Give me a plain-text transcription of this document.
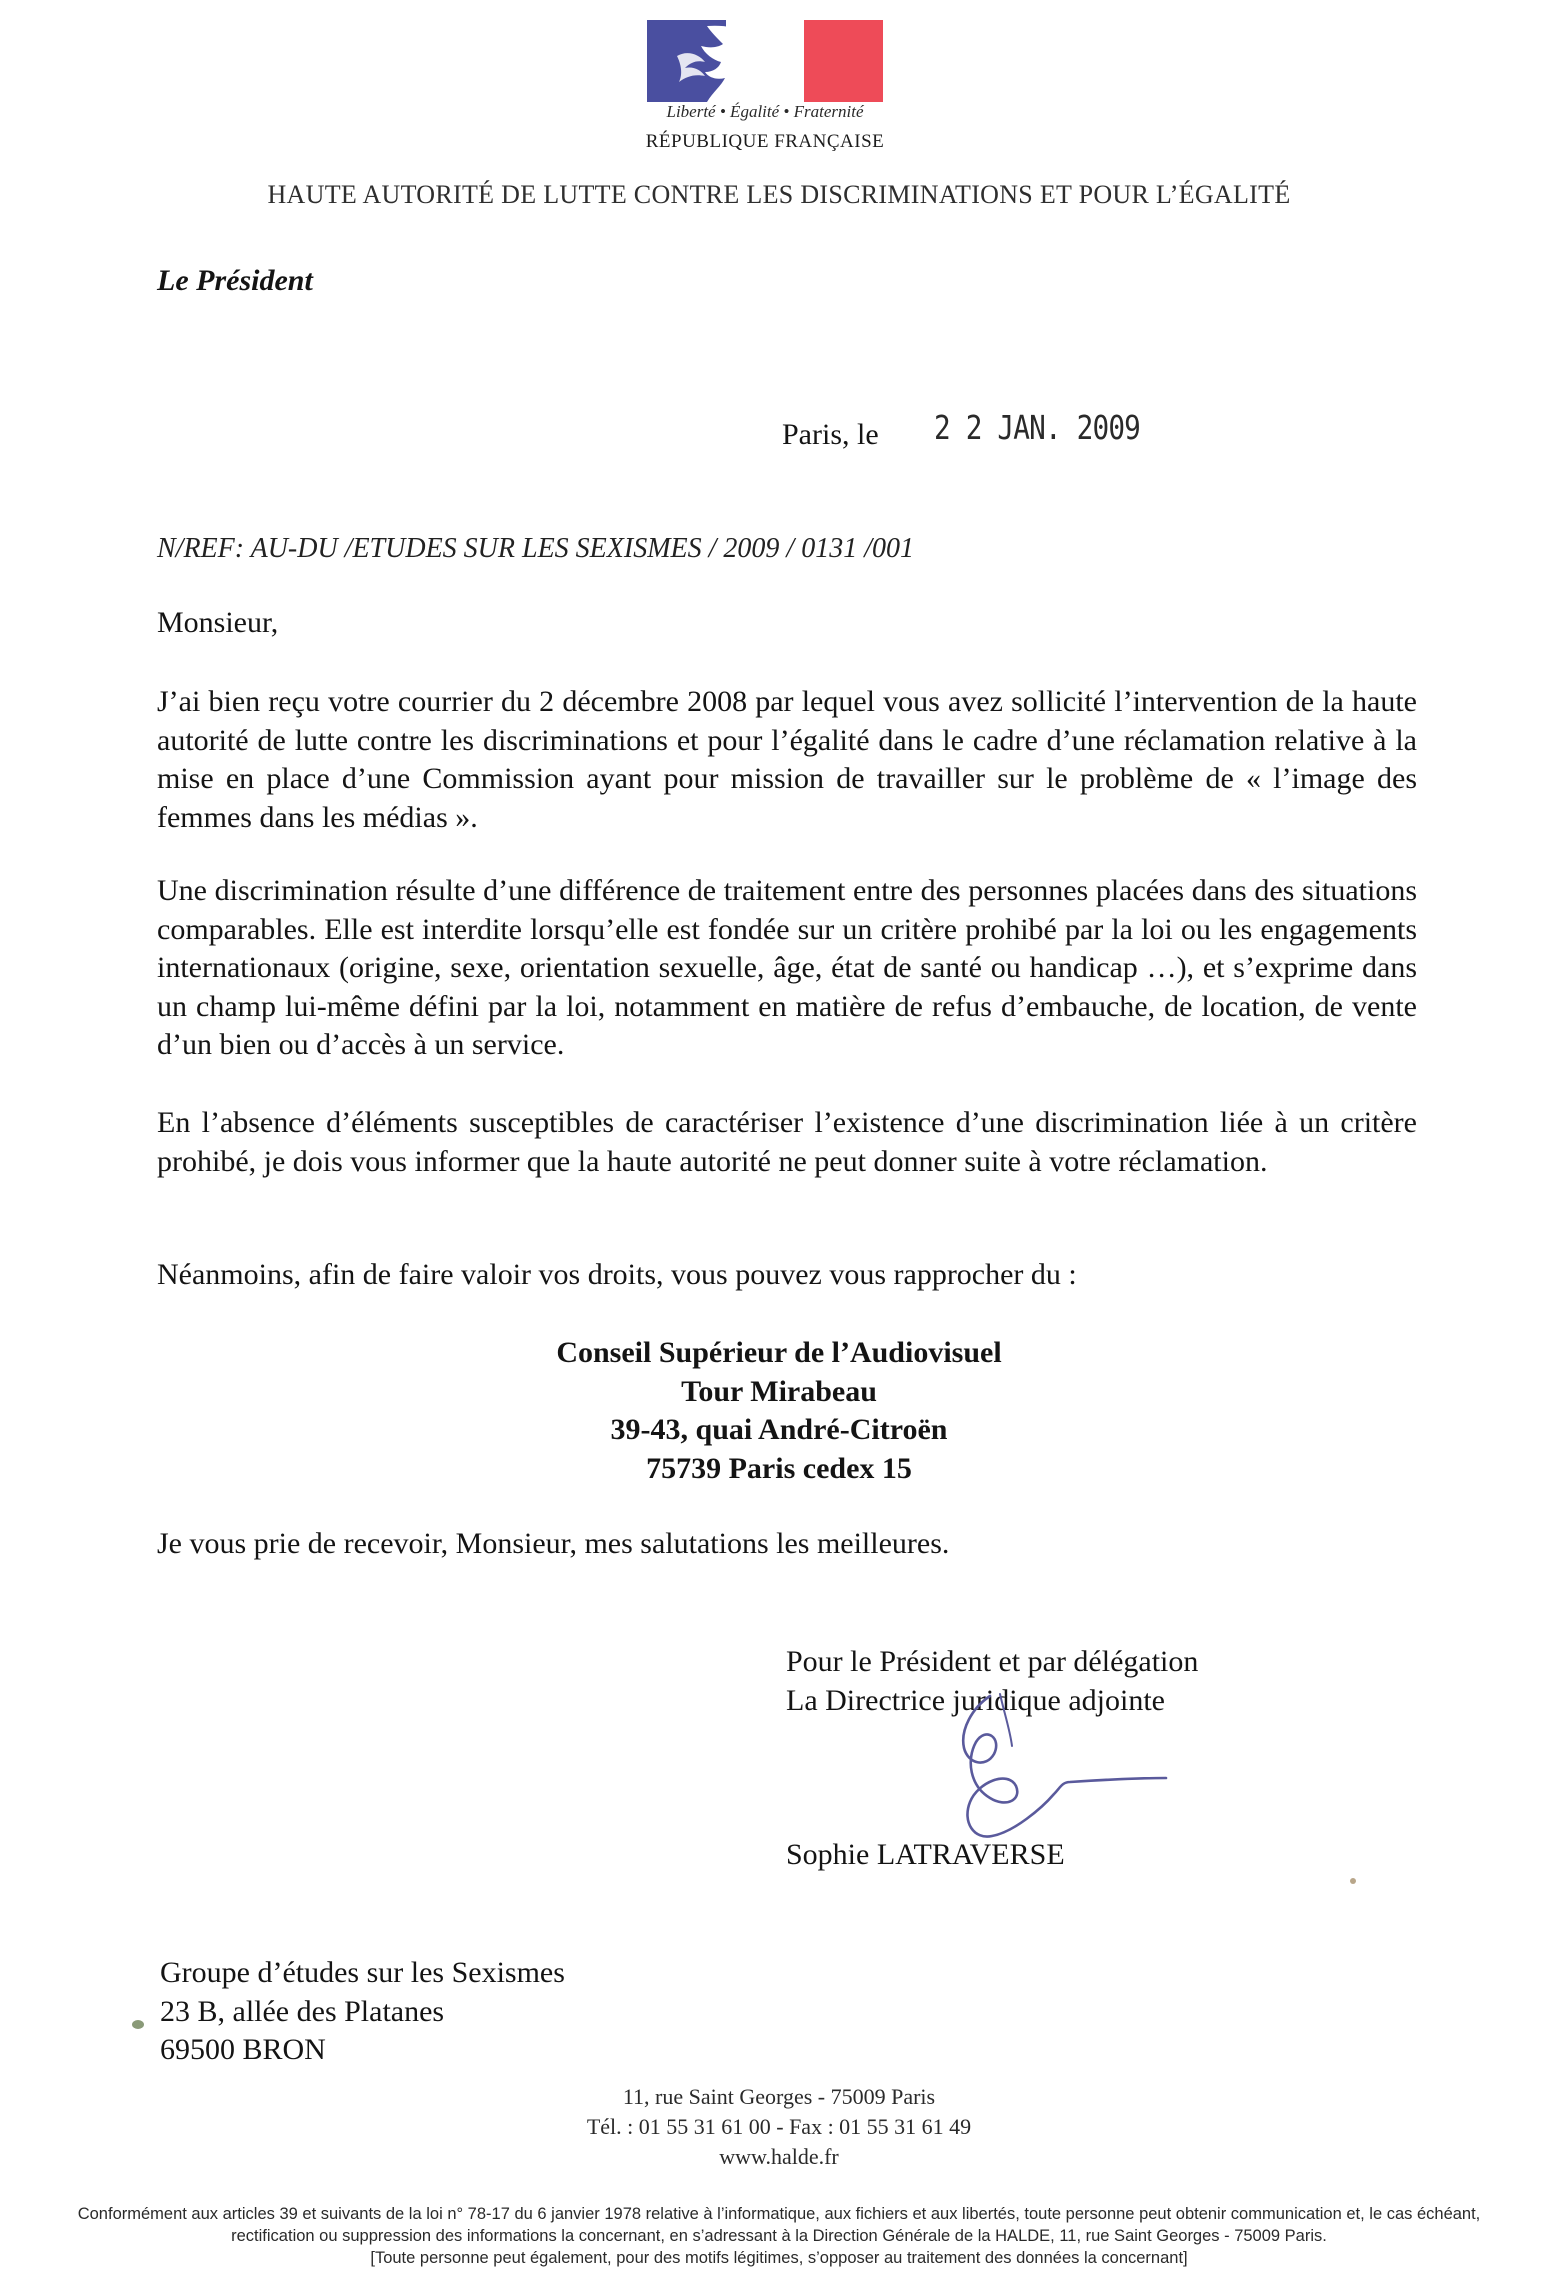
Liberté • Égalité • Fraternité
RÉPUBLIQUE FRANÇAISE
HAUTE AUTORITÉ DE LUTTE CONTRE LES DISCRIMINATIONS ET POUR L’ÉGALITÉ
Le Président
Paris, le 2 2 JAN. 2009
N/REF: AU-DU /ETUDES SUR LES SEXISMES / 2009 / 0131 /001
Monsieur,
J’ai bien reçu votre courrier du 2 décembre 2008 par lequel vous avez sollicité l’intervention de la haute autorité de lutte contre les discriminations et pour l’égalité dans le cadre d’une réclamation relative à la mise en place d’une Commission ayant pour mission de travailler sur le problème de « l’image des femmes dans les médias ».
Une discrimination résulte d’une différence de traitement entre des personnes placées dans des situations comparables. Elle est interdite lorsqu’elle est fondée sur un critère prohibé par la loi ou les engagements internationaux (origine, sexe, orientation sexuelle, âge, état de santé ou handicap …), et s’exprime dans un champ lui-même défini par la loi, notamment en matière de refus d’embauche, de location, de vente d’un bien ou d’accès à un service.
En l’absence d’éléments susceptibles de caractériser l’existence d’une discrimination liée à un critère prohibé, je dois vous informer que la haute autorité ne peut donner suite à votre réclamation.
Néanmoins, afin de faire valoir vos droits, vous pouvez vous rapprocher du :
Conseil Supérieur de l’Audiovisuel
Tour Mirabeau
39-43, quai André-Citroën
75739 Paris cedex 15
Je vous prie de recevoir, Monsieur, mes salutations les meilleures.
Pour le Président et par délégation
La Directrice juridique adjointe
Sophie LATRAVERSE
Groupe d’études sur les Sexismes
23 B, allée des Platanes
69500 BRON
11, rue Saint Georges - 75009 Paris
Tél. : 01 55 31 61 00 - Fax : 01 55 31 61 49
www.halde.fr
Conformément aux articles 39 et suivants de la loi n° 78-17 du 6 janvier 1978 relative à l’informatique, aux fichiers et aux libertés, toute personne peut obtenir communication et, le cas échéant,
rectification ou suppression des informations la concernant, en s’adressant à la Direction Générale de la HALDE, 11, rue Saint Georges - 75009 Paris.
[Toute personne peut également, pour des motifs légitimes, s’opposer au traitement des données la concernant]
